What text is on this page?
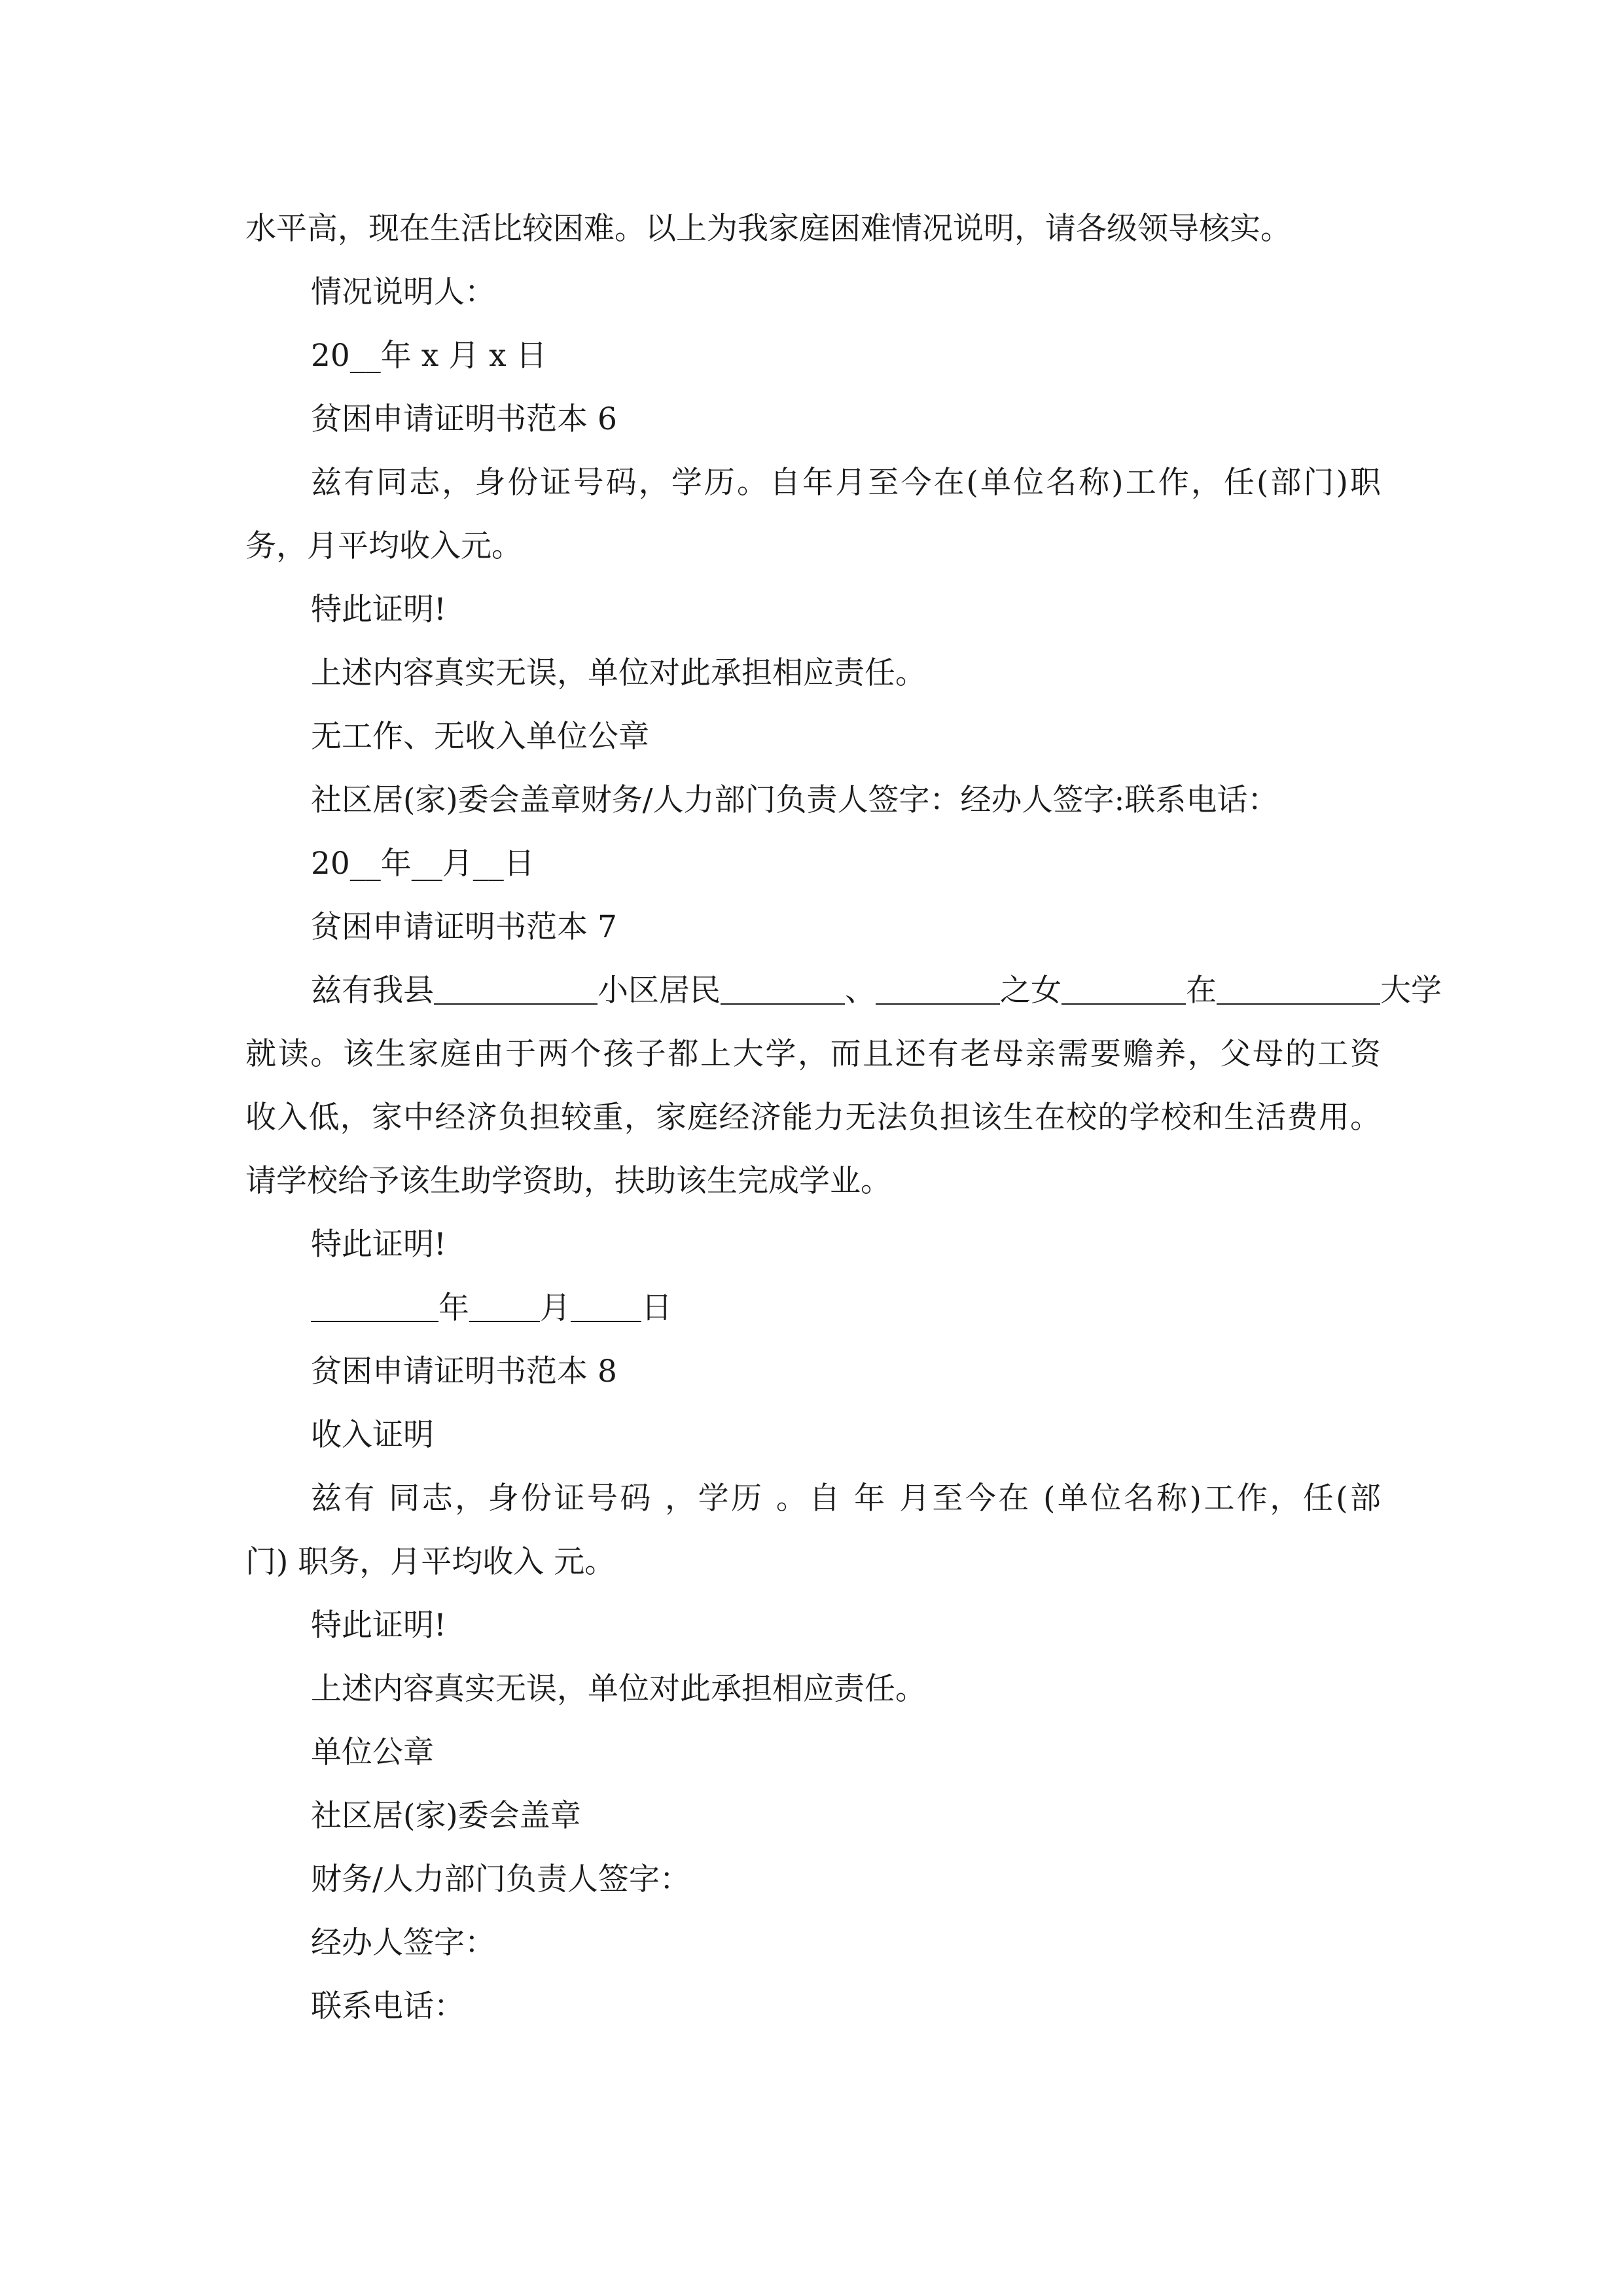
水平高，现在生活比较困难。以上为我家庭困难情况说明，请各级领导核实。
情况说明人：
20__年 x 月 x 日
贫困申请证明书范本 6
兹有同志，身份证号码，学历。自年月至今在(单位名称)工作，任(部门)职
务，月平均收入元。
特此证明!
上述内容真实无误，单位对此承担相应责任。
无工作、无收入单位公章
社区居(家)委会盖章财务/人力部门负责人签字：经办人签字:联系电话：
20__年__月__日
贫困申请证明书范本 7
兹有我县	小区居民	、	之女	在	大学
就读。该生家庭由于两个孩子都上大学，而且还有老母亲需要赡养，父母的工资
收入低，家中经济负担较重，家庭经济能力无法负担该生在校的学校和生活费用。
请学校给予该生助学资助，扶助该生完成学业。
特此证明!
年 月 日
贫困申请证明书范本 8
收入证明
兹有 同志，身份证号码 ，学历 。自 年 月至今在 (单位名称)工作，任(部
门) 职务，月平均收入 元。
特此证明!
上述内容真实无误，单位对此承担相应责任。
单位公章
社区居(家)委会盖章
财务/人力部门负责人签字：
经办人签字：
联系电话：
